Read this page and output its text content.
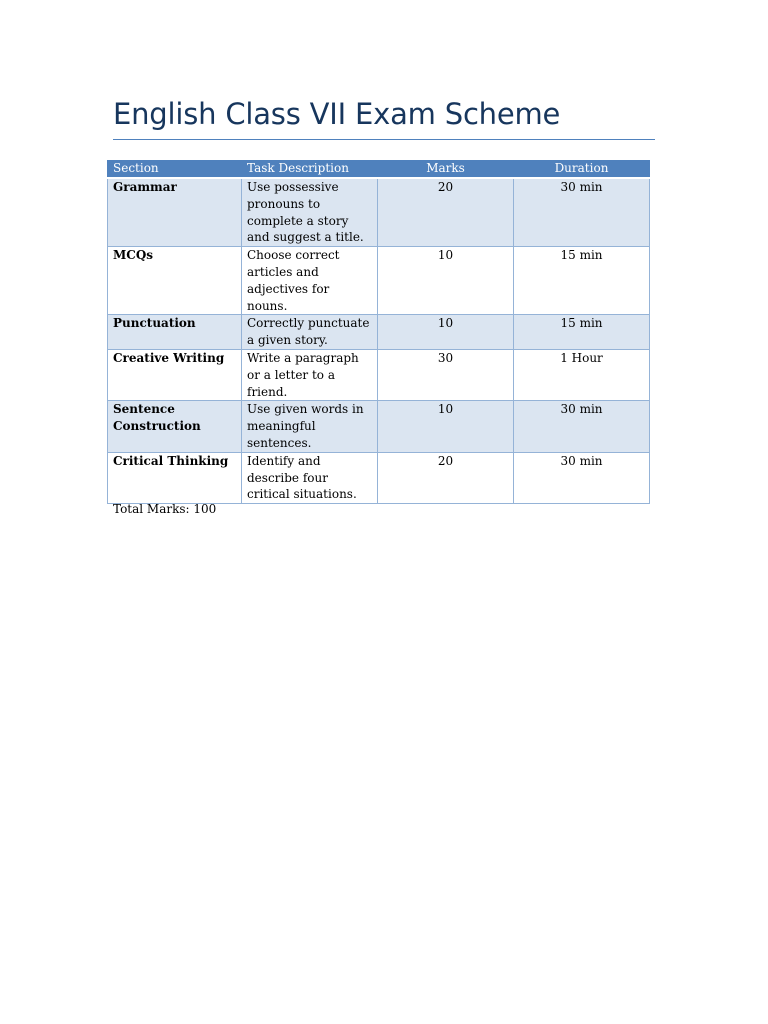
English Class VII Exam Scheme
Section	Task Description	Marks	Duration
Grammar	Use possessive pronouns to complete a story and suggest a title.	20	30 min
MCQs	Choose correct articles and adjectives for nouns.	10	15 min
Punctuation	Correctly punctuate a given story.	10	15 min
Creative Writing	Write a paragraph or a letter to a friend.	30	1 Hour
Sentence Construction	Use given words in meaningful sentences.	10	30 min
Critical Thinking	Identify and describe four critical situations.	20	30 min
Total Marks: 100
